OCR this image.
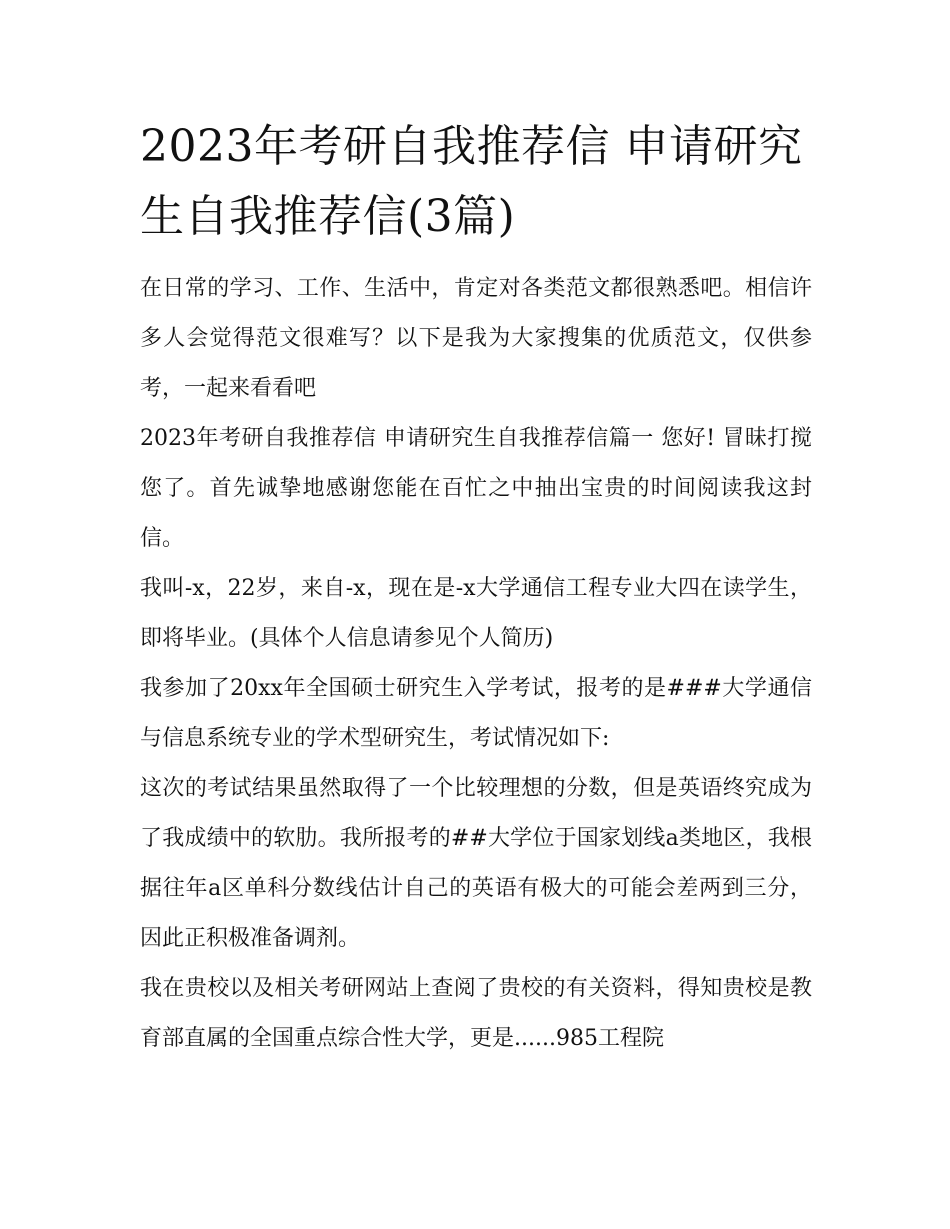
2023年考研自我推荐信 申请研究生自我推荐信(3篇)

在日常的学习、工作、生活中，肯定对各类范文都很熟悉吧。相信许多人会觉得范文很难写？以下是我为大家搜集的优质范文，仅供参考，一起来看看吧

2023年考研自我推荐信 申请研究生自我推荐信篇一 您好! 冒昧打搅您了。首先诚挚地感谢您能在百忙之中抽出宝贵的时间阅读我这封信。

我叫-x，22岁，来自-x，现在是-x大学通信工程专业大四在读学生，即将毕业。(具体个人信息请参见个人简历)

我参加了20xx年全国硕士研究生入学考试，报考的是###大学通信与信息系统专业的学术型研究生，考试情况如下:

这次的考试结果虽然取得了一个比较理想的分数，但是英语终究成为了我成绩中的软肋。我所报考的##大学位于国家划线a类地区，我根据往年a区单科分数线估计自己的英语有极大的可能会差两到三分，因此正积极准备调剂。

我在贵校以及相关考研网站上查阅了贵校的有关资料，得知贵校是教育部直属的全国重点综合性大学，更是......985工程院
